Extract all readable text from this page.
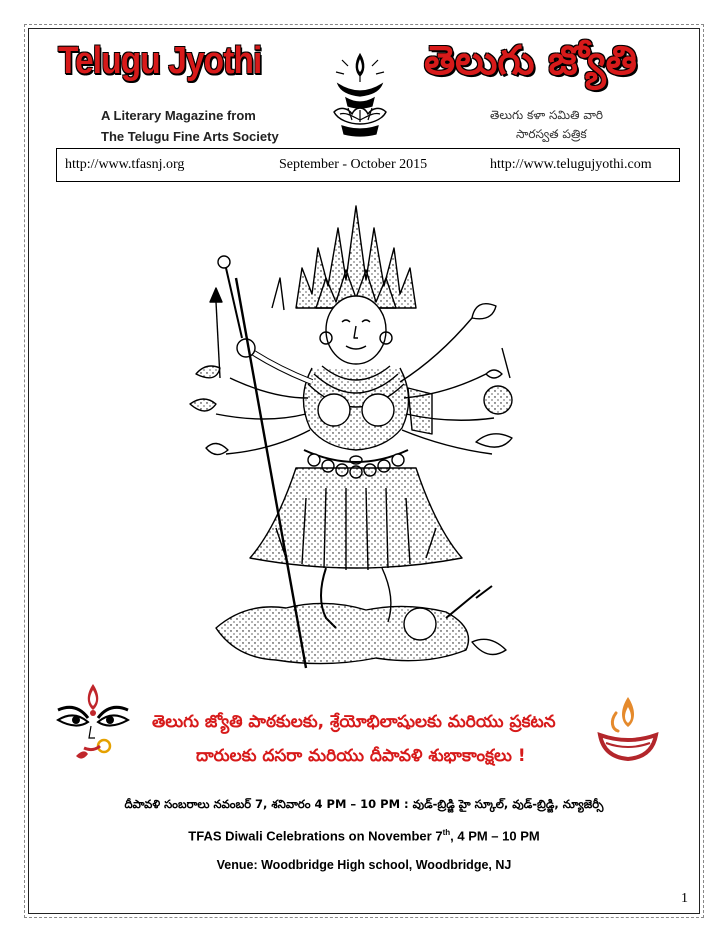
Telugu Jyothi	తెలుగు జ్యోతి
A Literary Magazine from
The Telugu Fine Arts Society
తెలుగు కళా సమితి వారి
సారస్వత పత్రిక
http://www.tfasnj.org	September - October 2015	http://www.telugujyothi.com
తెలుగు జ్యోతి పాఠకులకు, శ్రేయోభిలాషులకు మరియు ప్రకటన
దారులకు దసరా మరియు దీపావళి శుభాకాంక్షలు !
దీపావళి సంబరాలు నవంబర్ 7, శనివారం 4 PM – 10 PM : వుడ్-బ్రిడ్జి హై స్కూల్, వుడ్-బ్రిడ్జి, న్యూజెర్సీ
TFAS Diwali Celebrations on November 7th, 4 PM – 10 PM
Venue: Woodbridge High school, Woodbridge, NJ
1
